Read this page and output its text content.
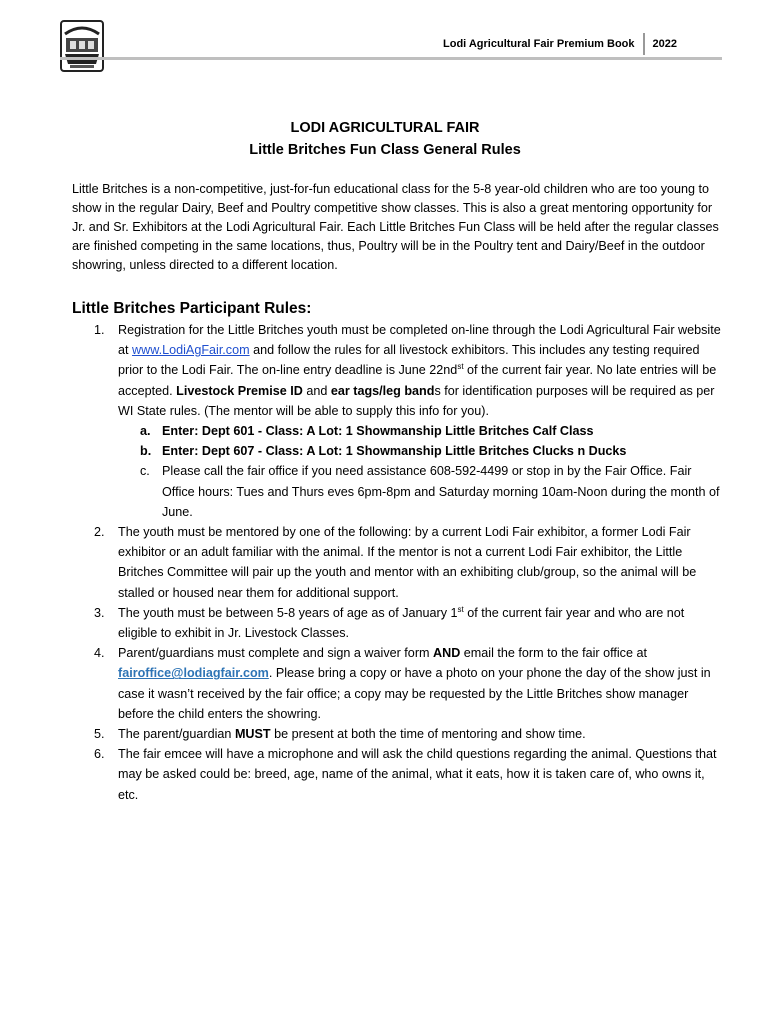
Lodi Agricultural Fair Premium Book 2022
LODI AGRICULTURAL FAIR
Little Britches Fun Class General Rules
Little Britches is a non-competitive, just-for-fun educational class for the 5-8 year-old children who are too young to show in the regular Dairy, Beef and Poultry competitive show classes. This is also a great mentoring opportunity for Jr. and Sr. Exhibitors at the Lodi Agricultural Fair. Each Little Britches Fun Class will be held after the regular classes are finished competing in the same locations, thus, Poultry will be in the Poultry tent and Dairy/Beef in the outdoor showring, unless directed to a different location.
Little Britches Participant Rules:
1. Registration for the Little Britches youth must be completed on-line through the Lodi Agricultural Fair website at www.LodiAgFair.com and follow the rules for all livestock exhibitors. This includes any testing required prior to the Lodi Fair. The on-line entry deadline is June $22nd^{st}$ of the current fair year. No late entries will be accepted. Livestock Premise ID and ear tags/leg bands for identification purposes will be required as per WI State rules. (The mentor will be able to supply this info for you).
a. Enter: Dept 601 - Class: A Lot: 1 Showmanship Little Britches Calf Class
b. Enter: Dept 607 - Class: A Lot: 1 Showmanship Little Britches Clucks n Ducks
c. Please call the fair office if you need assistance 608-592-4499 or stop in by the Fair Office. Fair Office hours: Tues and Thurs eves 6pm-8pm and Saturday morning 10am-Noon during the month of June.
2. The youth must be mentored by one of the following: by a current Lodi Fair exhibitor, a former Lodi Fair exhibitor or an adult familiar with the animal. If the mentor is not a current Lodi Fair exhibitor, the Little Britches Committee will pair up the youth and mentor with an exhibiting club/group, so the animal will be stalled or housed near them for additional support.
3. The youth must be between 5-8 years of age as of January 1st of the current fair year and who are not eligible to exhibit in Jr. Livestock Classes.
4. Parent/guardians must complete and sign a waiver form AND email the form to the fair office at fairoffice@lodiagfair.com. Please bring a copy or have a photo on your phone the day of the show just in case it wasn’t received by the fair office; a copy may be requested by the Little Britches show manager before the child enters the showring.
5. The parent/guardian MUST be present at both the time of mentoring and show time.
6. The fair emcee will have a microphone and will ask the child questions regarding the animal. Questions that may be asked could be: breed, age, name of the animal, what it eats, how it is taken care of, who owns it, etc.
